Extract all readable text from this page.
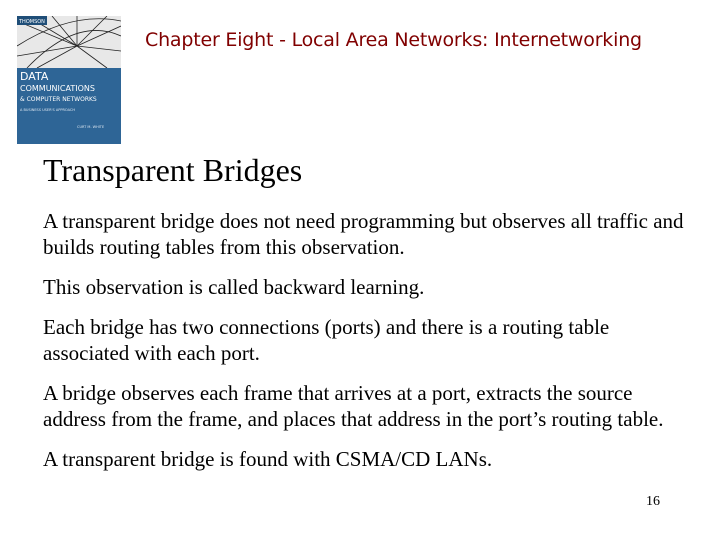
THOMSON
DATA
COMMUNICATIONS
& COMPUTER NETWORKS
A BUSINESS USER'S APPROACH
CURT M. WHITE
Chapter Eight - Local Area Networks: Internetworking
Transparent Bridges

A transparent bridge does not need programming but observes all traffic and builds routing tables from this observation.

This observation is called backward learning.

Each bridge has two connections (ports) and there is a routing table associated with each port.

A bridge observes each frame that arrives at a port, extracts the source address from the frame, and places that address in the port’s routing table.

A transparent bridge is found with CSMA/CD LANs.

16
